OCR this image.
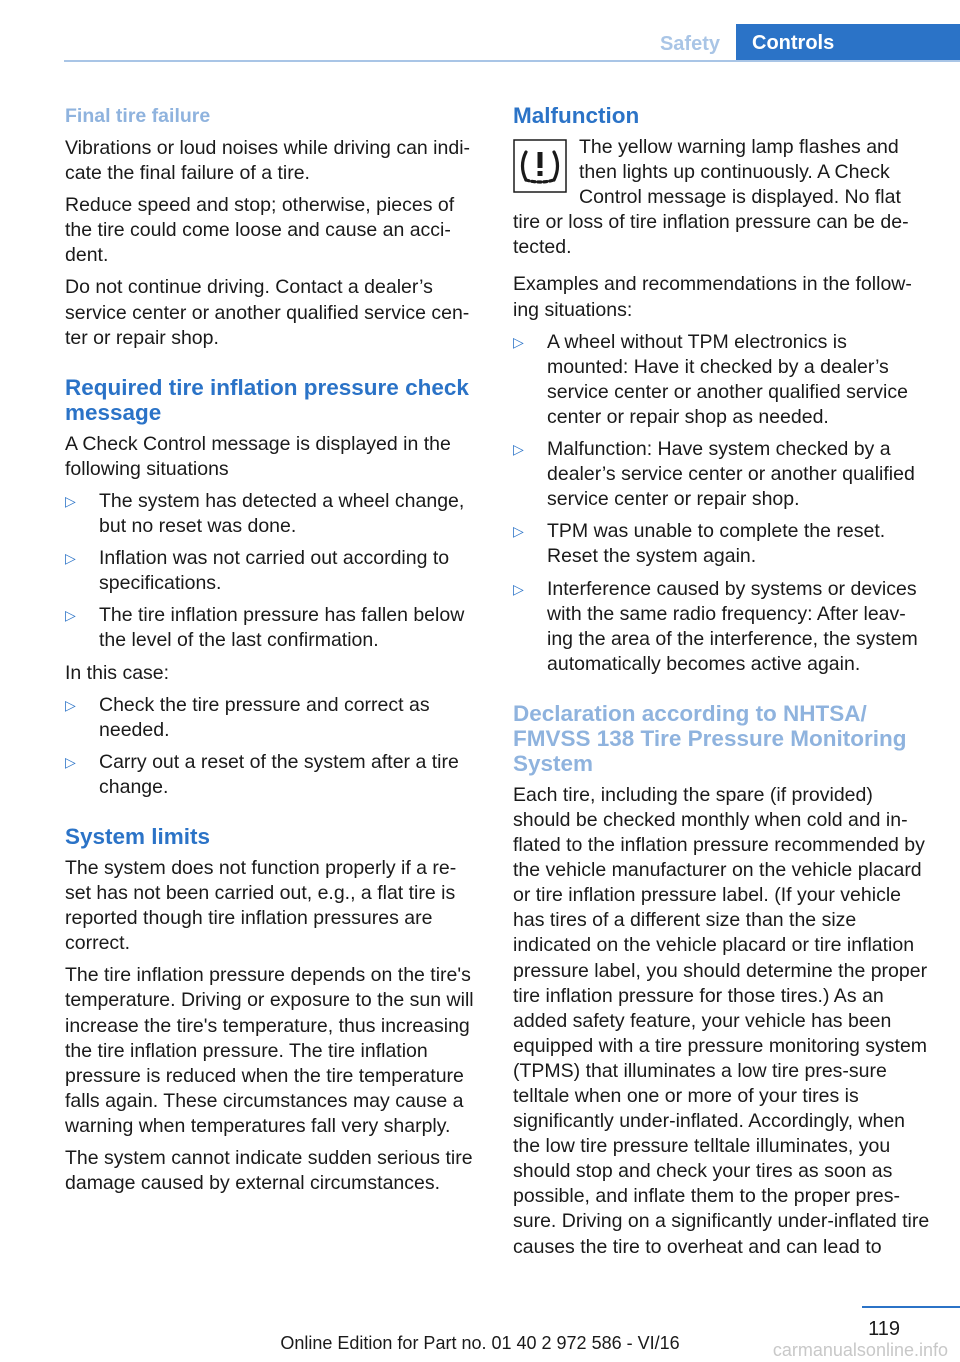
Safety	Controls
Final tire failure

Vibrations or loud noises while driving can indi‐cate the final failure of a tire.

Reduce speed and stop; otherwise, pieces of the tire could come loose and cause an acci‐dent.

Do not continue driving. Contact a dealer’s service center or another qualified service cen‐ter or repair shop.

Required tire inflation pressure check message

A Check Control message is displayed in the following situations

▷ The system has detected a wheel change, but no reset was done.
▷ Inflation was not carried out according to specifications.
▷ The tire inflation pressure has fallen below the level of the last confirmation.

In this case:

▷ Check the tire pressure and correct as needed.
▷ Carry out a reset of the system after a tire change.
System limits

The system does not function properly if a re‐set has not been carried out, e.g., a flat tire is reported though tire inflation pressures are correct.

The tire inflation pressure depends on the tire's temperature. Driving or exposure to the sun will increase the tire's temperature, thus increasing the tire inflation pressure. The tire inflation pressure is reduced when the tire temperature falls again. These circumstances may cause a warning when temperatures fall very sharply.

The system cannot indicate sudden serious tire damage caused by external circumstances.

Malfunction
The yellow warning lamp flashes and then lights up continuously. A Check Control message is displayed. No flat tire or loss of tire inflation pressure can be de‐tected.

Examples and recommendations in the follow‐ing situations:

▷ A wheel without TPM electronics is mounted: Have it checked by a dealer’s service center or another qualified service center or repair shop as needed.
▷ Malfunction: Have system checked by a dealer’s service center or another qualified service center or repair shop.
▷ TPM was unable to complete the reset. Reset the system again.
▷ Interference caused by systems or devices with the same radio frequency: After leav‐ing the area of the interference, the system automatically becomes active again.
Declaration according to NHTSA/ FMVSS 138 Tire Pressure Monitoring System

Each tire, including the spare (if provided) should be checked monthly when cold and in‐flated to the inflation pressure recommended by the vehicle manufacturer on the vehicle placard or tire inflation pressure label. (If your vehicle has tires of a different size than the size indicated on the vehicle placard or tire inflation pressure label, you should determine the proper tire inflation pressure for those tires.) As an added safety feature, your vehicle has been equipped with a tire pressure monitoring system (TPMS) that illuminates a low tire pres‐sure telltale when one or more of your tires is significantly under-inflated. Accordingly, when the low tire pressure telltale illuminates, you should stop and check your tires as soon as possible, and inflate them to the proper pres‐sure. Driving on a significantly under-inflated tire causes the tire to overheat and can lead to

119
Online Edition for Part no. 01 40 2 972 586 - VI/16	carmanualsonline.info
